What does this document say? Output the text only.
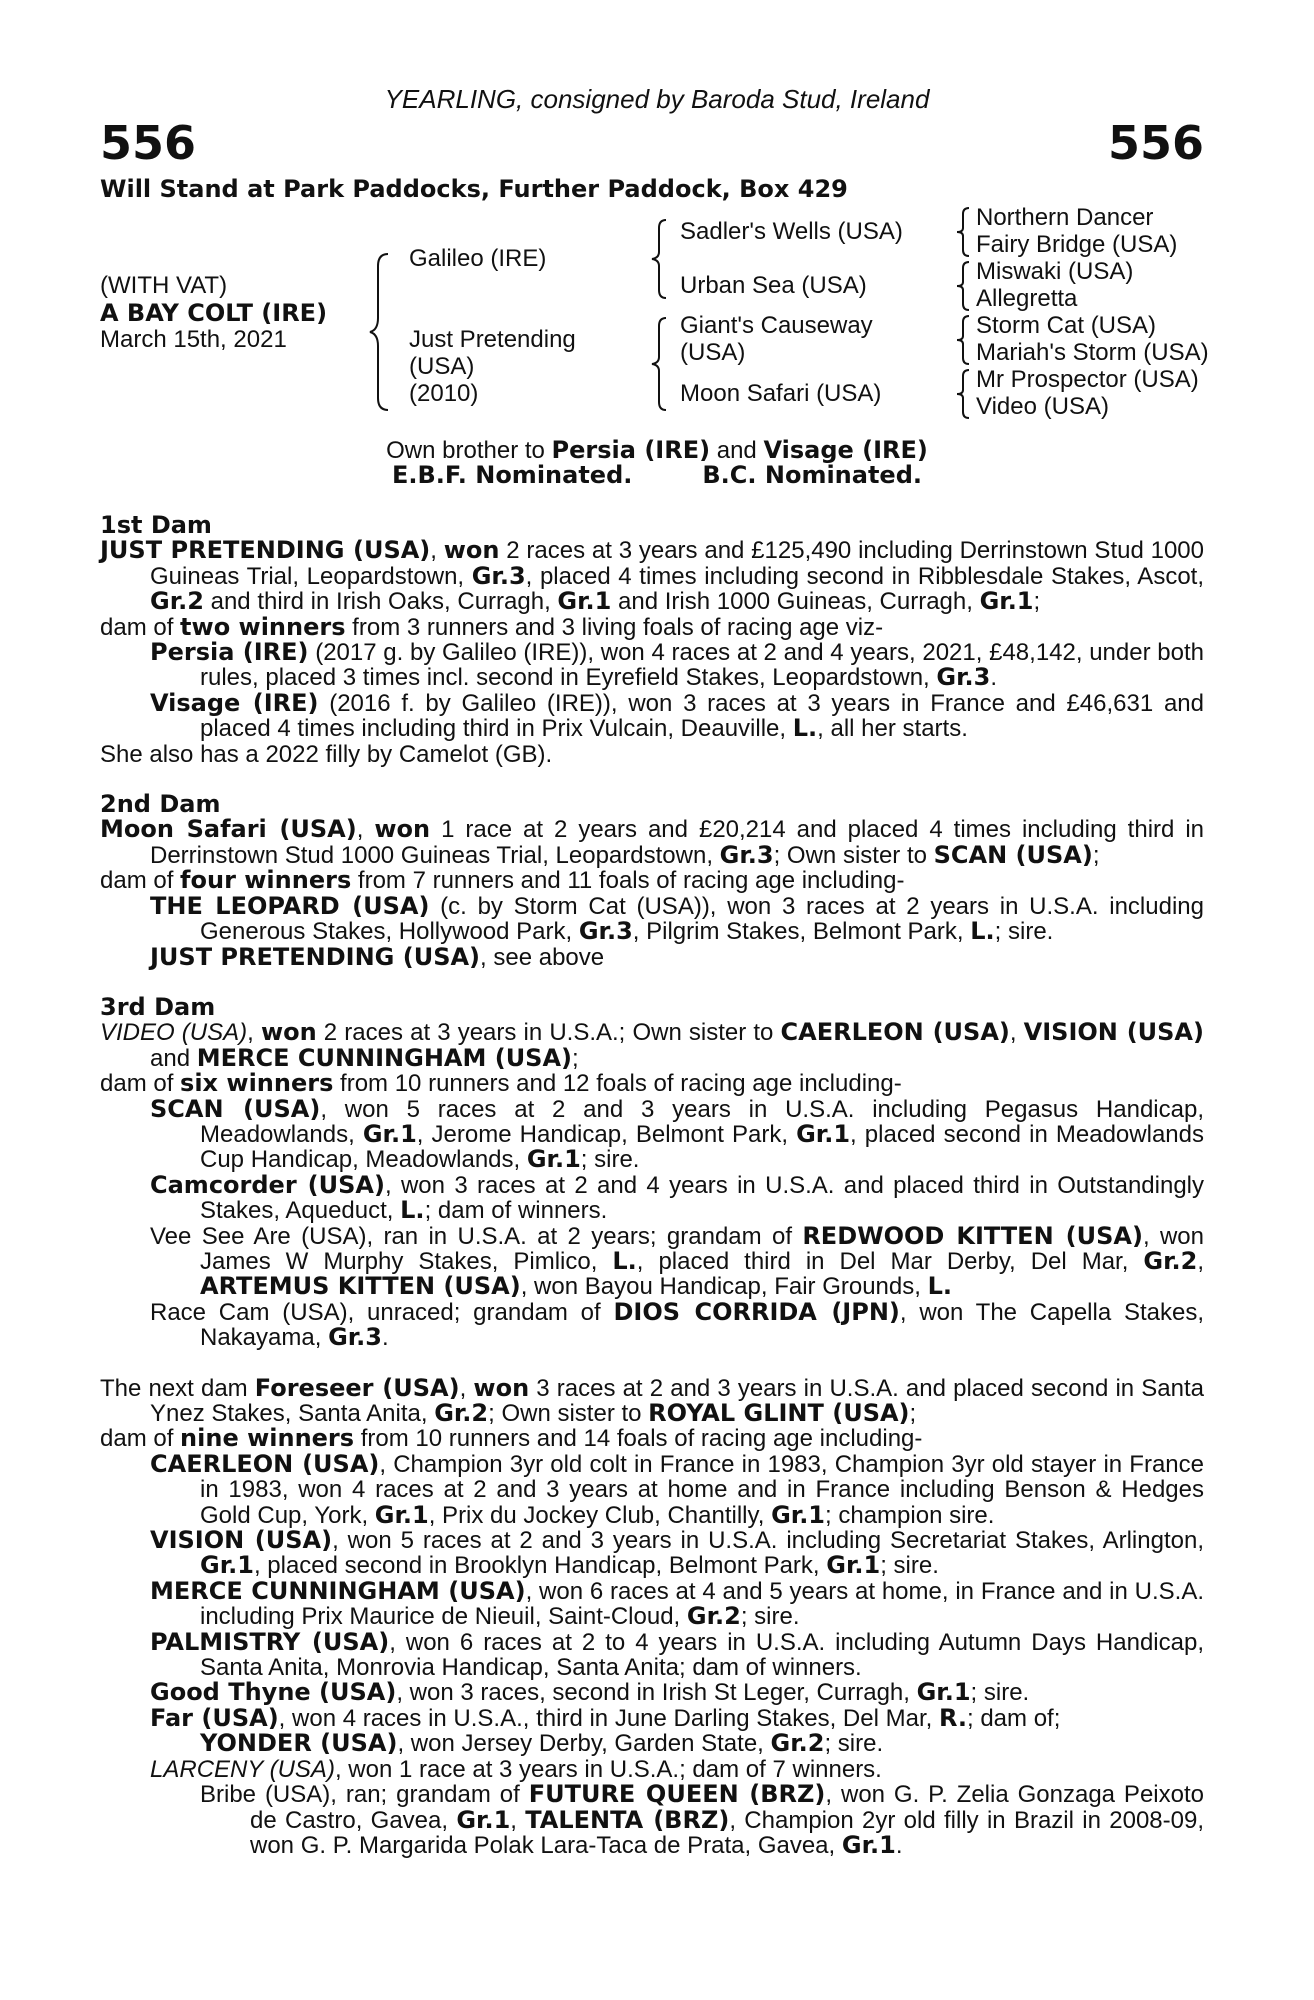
YEARLING, consigned by Baroda Stud, Ireland
556	556
Will Stand at Park Paddocks, Further Paddock, Box 429
(WITH VAT)
A BAY COLT (IRE)
March 15th, 2021
Galileo (IRE)
Just Pretending
(USA)
(2010)
Sadler's Wells (USA)
Urban Sea (USA)
Giant's Causeway
(USA)
Moon Safari (USA)
Northern Dancer
Fairy Bridge (USA)
Miswaki (USA)
Allegretta
Storm Cat (USA)
Mariah's Storm (USA)
Mr Prospector (USA)
Video (USA)
Own brother to Persia (IRE) and Visage (IRE)
E.B.F. Nominated.	B.C. Nominated.

1st Dam

JUST PRETENDING (USA), won 2 races at 3 years and £125,490 including Derrinstown Stud 1000 Guineas Trial, Leopardstown, Gr.3, placed 4 times including second in Ribblesdale Stakes, Ascot, Gr.2 and third in Irish Oaks, Curragh, Gr.1 and Irish 1000 Guineas, Curragh, Gr.1;

dam of two winners from 3 runners and 3 living foals of racing age viz-

Persia (IRE) (2017 g. by Galileo (IRE)), won 4 races at 2 and 4 years, 2021, £48,142, under both rules, placed 3 times incl. second in Eyrefield Stakes, Leopardstown, Gr.3.

Visage (IRE) (2016 f. by Galileo (IRE)), won 3 races at 3 years in France and £46,631 and placed 4 times including third in Prix Vulcain, Deauville, L., all her starts.

She also has a 2022 filly by Camelot (GB).

2nd Dam

Moon Safari (USA), won 1 race at 2 years and £20,214 and placed 4 times including third in Derrinstown Stud 1000 Guineas Trial, Leopardstown, Gr.3; Own sister to SCAN (USA);

dam of four winners from 7 runners and 11 foals of racing age including-

THE LEOPARD (USA) (c. by Storm Cat (USA)), won 3 races at 2 years in U.S.A. including Generous Stakes, Hollywood Park, Gr.3, Pilgrim Stakes, Belmont Park, L.; sire.

JUST PRETENDING (USA), see above

3rd Dam

VIDEO (USA), won 2 races at 3 years in U.S.A.; Own sister to CAERLEON (USA), VISION (USA) and MERCE CUNNINGHAM (USA);

dam of six winners from 10 runners and 12 foals of racing age including-

SCAN (USA), won 5 races at 2 and 3 years in U.S.A. including Pegasus Handicap, Meadowlands, Gr.1, Jerome Handicap, Belmont Park, Gr.1, placed second in Meadowlands Cup Handicap, Meadowlands, Gr.1; sire.

Camcorder (USA), won 3 races at 2 and 4 years in U.S.A. and placed third in Outstandingly Stakes, Aqueduct, L.; dam of winners.

Vee See Are (USA), ran in U.S.A. at 2 years; grandam of REDWOOD KITTEN (USA), won James W Murphy Stakes, Pimlico, L., placed third in Del Mar Derby, Del Mar, Gr.2, ARTEMUS KITTEN (USA), won Bayou Handicap, Fair Grounds, L.

Race Cam (USA), unraced; grandam of DIOS CORRIDA (JPN), won The Capella Stakes, Nakayama, Gr.3.

The next dam Foreseer (USA), won 3 races at 2 and 3 years in U.S.A. and placed second in Santa Ynez Stakes, Santa Anita, Gr.2; Own sister to ROYAL GLINT (USA);

dam of nine winners from 10 runners and 14 foals of racing age including-

CAERLEON (USA), Champion 3yr old colt in France in 1983, Champion 3yr old stayer in France in 1983, won 4 races at 2 and 3 years at home and in France including Benson & Hedges Gold Cup, York, Gr.1, Prix du Jockey Club, Chantilly, Gr.1; champion sire.

VISION (USA), won 5 races at 2 and 3 years in U.S.A. including Secretariat Stakes, Arlington, Gr.1, placed second in Brooklyn Handicap, Belmont Park, Gr.1; sire.

MERCE CUNNINGHAM (USA), won 6 races at 4 and 5 years at home, in France and in U.S.A. including Prix Maurice de Nieuil, Saint-Cloud, Gr.2; sire.

PALMISTRY (USA), won 6 races at 2 to 4 years in U.S.A. including Autumn Days Handicap, Santa Anita, Monrovia Handicap, Santa Anita; dam of winners.

Good Thyne (USA), won 3 races, second in Irish St Leger, Curragh, Gr.1; sire.

Far (USA), won 4 races in U.S.A., third in June Darling Stakes, Del Mar, R.; dam of;

YONDER (USA), won Jersey Derby, Garden State, Gr.2; sire.

LARCENY (USA), won 1 race at 3 years in U.S.A.; dam of 7 winners.

Bribe (USA), ran; grandam of FUTURE QUEEN (BRZ), won G. P. Zelia Gonzaga Peixoto de Castro, Gavea, Gr.1, TALENTA (BRZ), Champion 2yr old filly in Brazil in 2008-09, won G. P. Margarida Polak Lara-Taca de Prata, Gavea, Gr.1.
